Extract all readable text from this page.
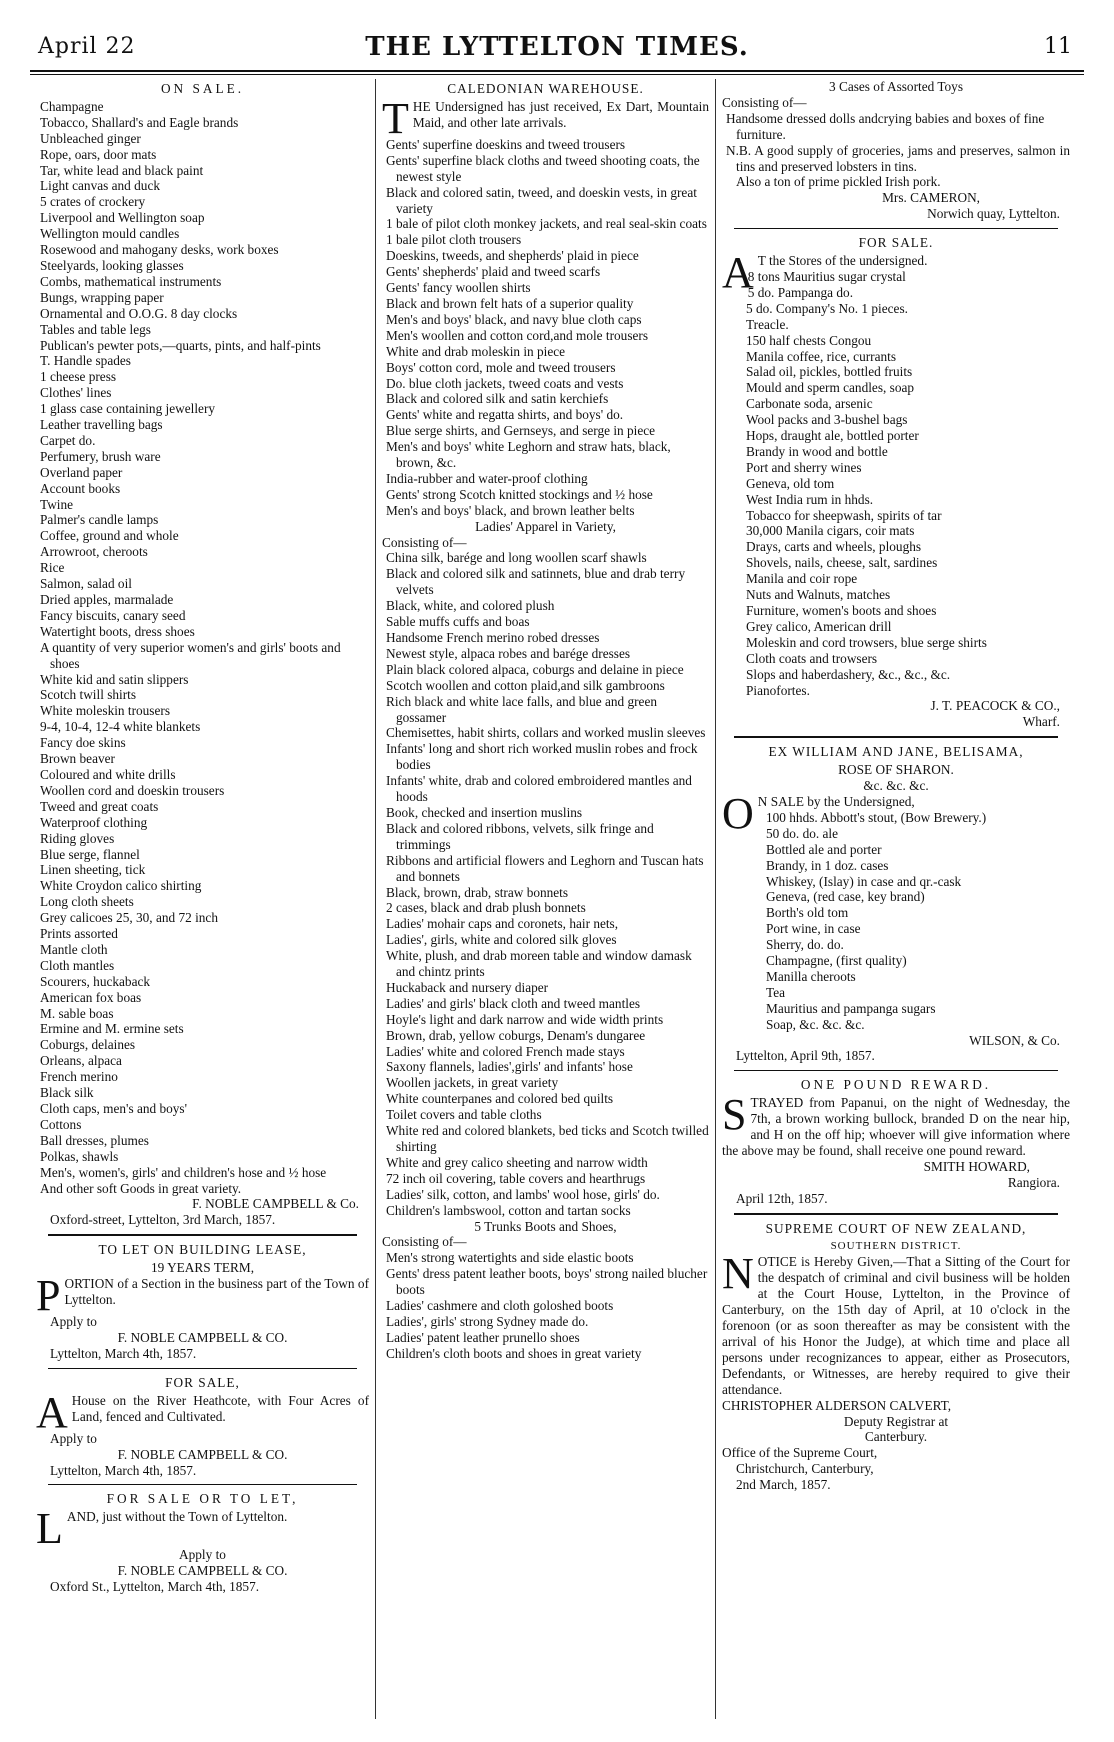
April 22	THE LYTTELTON TIMES.	11
ON SALE.
Champagne
Tobacco, Shallard's and Eagle brands
Unbleached ginger
Rope, oars, door mats
Tar, white lead and black paint
Light canvas and duck
5 crates of crockery
Liverpool and Wellington soap
Wellington mould candles
Rosewood and mahogany desks, work boxes
Steelyards, looking glasses
Combs, mathematical instruments
Bungs, wrapping paper
Ornamental and O.O.G. 8 day clocks
Tables and table legs
Publican's pewter pots,—quarts, pints, and half-pints
T. Handle spades
1 cheese press
Clothes' lines
1 glass case containing jewellery
Leather travelling bags
Carpet do.
Perfumery, brush ware
Overland paper
Account books
Twine
Palmer's candle lamps
Coffee, ground and whole
Arrowroot, cheroots
Rice
Salmon, salad oil
Dried apples, marmalade
Fancy biscuits, canary seed
Watertight boots, dress shoes
A quantity of very superior women's and girls' boots and shoes
White kid and satin slippers
Scotch twill shirts
White moleskin trousers
9-4, 10-4, 12-4 white blankets
Fancy doe skins
Brown beaver
Coloured and white drills
Woollen cord and doeskin trousers
Tweed and great coats
Waterproof clothing
Riding gloves
Blue serge, flannel
Linen sheeting, tick
White Croydon calico shirting
Long cloth sheets
Grey calicoes 25, 30, and 72 inch
Prints assorted
Mantle cloth
Cloth mantles
Scourers, huckaback
American fox boas
M. sable boas
Ermine and M. ermine sets
Coburgs, delaines
Orleans, alpaca
French merino
Black silk
Cloth caps, men's and boys'
Cottons
Ball dresses, plumes
Polkas, shawls
Men's, women's, girls' and children's hose and ½ hose
And other soft Goods in great variety.
F. NOBLE CAMPBELL & Co.
Oxford-street, Lyttelton, 3rd March, 1857.
TO LET ON BUILDING LEASE,
19 YEARS TERM,
PORTION of a Section in the business part of the Town of Lyttelton.
Apply to
F. NOBLE CAMPBELL & CO.
Lyttelton, March 4th, 1857.
FOR SALE,
A House on the River Heathcote, with Four Acres of Land, fenced and Cultivated.
Apply to
F. NOBLE CAMPBELL & CO.
Lyttelton, March 4th, 1857.
FOR SALE OR TO LET,
LAND, just without the Town of Lyttelton.
Apply to
F. NOBLE CAMPBELL & CO.
Oxford St., Lyttelton, March 4th, 1857.
CALEDONIAN WAREHOUSE.
THE Undersigned has just received, Ex Dart, Mountain Maid, and other late arrivals.
Gents' superfine doeskins and tweed trousers
Gents' superfine black cloths and tweed shooting coats, the newest style
Black and colored satin, tweed, and doeskin vests, in great variety
1 bale of pilot cloth monkey jackets, and real seal-skin coats
1 bale pilot cloth trousers
Doeskins, tweeds, and shepherds' plaid in piece
Gents' shepherds' plaid and tweed scarfs
Gents' fancy woollen shirts
Black and brown felt hats of a superior quality
Men's and boys' black, and navy blue cloth caps
Men's woollen and cotton cord,and mole trousers
White and drab moleskin in piece
Boys' cotton cord, mole and tweed trousers
Do. blue cloth jackets, tweed coats and vests
Black and colored silk and satin kerchiefs
Gents' white and regatta shirts, and boys' do.
Blue serge shirts, and Gernseys, and serge in piece
Men's and boys' white Leghorn and straw hats, black, brown, &c.
India-rubber and water-proof clothing
Gents' strong Scotch knitted stockings and ½ hose
Men's and boys' black, and brown leather belts
Ladies' Apparel in Variety,
Consisting of—
China silk, barége and long woollen scarf shawls
Black and colored silk and satinnets, blue and drab terry velvets
Black, white, and colored plush
Sable muffs cuffs and boas
Handsome French merino robed dresses
Newest style, alpaca robes and barége dresses
Plain black colored alpaca, coburgs and delaine in piece
Scotch woollen and cotton plaid,and silk gambroons
Rich black and white lace falls, and blue and green gossamer
Chemisettes, habit shirts, collars and worked muslin sleeves
Infants' long and short rich worked muslin robes and frock bodies
Infants' white, drab and colored embroidered mantles and hoods
Book, checked and insertion muslins
Black and colored ribbons, velvets, silk fringe and trimmings
Ribbons and artificial flowers and Leghorn and Tuscan hats and bonnets
Black, brown, drab, straw bonnets
2 cases, black and drab plush bonnets
Ladies' mohair caps and coronets, hair nets,
Ladies', girls, white and colored silk gloves
White, plush, and drab moreen table and window damask and chintz prints
Huckaback and nursery diaper
Ladies' and girls' black cloth and tweed mantles
Hoyle's light and dark narrow and wide width prints
Brown, drab, yellow coburgs, Denam's dungaree
Ladies' white and colored French made stays
Saxony flannels, ladies',girls' and infants' hose
Woollen jackets, in great variety
White counterpanes and colored bed quilts
Toilet covers and table cloths
White red and colored blankets, bed ticks and Scotch twilled shirting
White and grey calico sheeting and narrow width
72 inch oil covering, table covers and hearthrugs
Ladies' silk, cotton, and lambs' wool hose, girls' do.
Children's lambswool, cotton and tartan socks
5 Trunks Boots and Shoes,
Consisting of—
Men's strong watertights and side elastic boots
Gents' dress patent leather boots, boys' strong nailed blucher boots
Ladies' cashmere and cloth goloshed boots
Ladies', girls' strong Sydney made do.
Ladies' patent leather prunello shoes
Children's cloth boots and shoes in great variety
3 Cases of Assorted Toys
Consisting of—
Handsome dressed dolls andcrying babies and boxes of fine furniture.
N.B. A good supply of groceries, jams and preserves, salmon in tins and preserved lobsters in tins.
Also a ton of prime pickled Irish pork.
Mrs. CAMERON,
Norwich quay, Lyttelton.
FOR SALE.
A T the Stores of the undersigned.
8 tons Mauritius sugar crystal
5 do. Pampanga do.
5 do. Company's No. 1 pieces.
Treacle.
150 half chests Congou
Manila coffee, rice, currants
Salad oil, pickles, bottled fruits
Mould and sperm candles, soap
Carbonate soda, arsenic
Wool packs and 3-bushel bags
Hops, draught ale, bottled porter
Brandy in wood and bottle
Port and sherry wines
Geneva, old tom
West India rum in hhds.
Tobacco for sheepwash, spirits of tar
30,000 Manila cigars, coir mats
Drays, carts and wheels, ploughs
Shovels, nails, cheese, salt, sardines
Manila and coir rope
Nuts and Walnuts, matches
Furniture, women's boots and shoes
Grey calico, American drill
Moleskin and cord trowsers, blue serge shirts
Cloth coats and trowsers
Slops and haberdashery, &c., &c., &c.
Pianofortes.
J. T. PEACOCK & CO.,
Wharf.
EX WILLIAM AND JANE, BELISAMA,
ROSE OF SHARON.
&c. &c. &c.
O N SALE by the Undersigned,
100 hhds. Abbott's stout, (Bow Brewery.)
50 do. do. ale
Bottled ale and porter
Brandy, in 1 doz. cases
Whiskey, (Islay) in case and qr.-cask
Geneva, (red case, key brand)
Borth's old tom
Port wine, in case
Sherry, do. do.
Champagne, (first quality)
Manilla cheroots
Tea
Mauritius and pampanga sugars
Soap, &c. &c. &c.
WILSON, & Co.
Lyttelton, April 9th, 1857.
ONE POUND REWARD.
STRAYED from Papanui, on the night of Wednesday, the 7th, a brown working bullock, branded D on the near hip, and H on the off hip; whoever will give information where the above may be found, shall receive one pound reward.
SMITH HOWARD,
Rangiora.
April 12th, 1857.
SUPREME COURT OF NEW ZEALAND,
SOUTHERN DISTRICT.
NOTICE is Hereby Given,—That a Sitting of the Court for the despatch of criminal and civil business will be holden at the Court House, Lyttelton, in the Province of Canterbury, on the 15th day of April, at 10 o'clock in the forenoon (or as soon thereafter as may be consistent with the arrival of his Honor the Judge), at which time and place all persons under recognizances to appear, either as Prosecutors, Defendants, or Witnesses, are hereby required to give their attendance.
CHRISTOPHER ALDERSON CALVERT,
Deputy Registrar at
Canterbury.
Office of the Supreme Court,
Christchurch, Canterbury,
2nd March, 1857.
